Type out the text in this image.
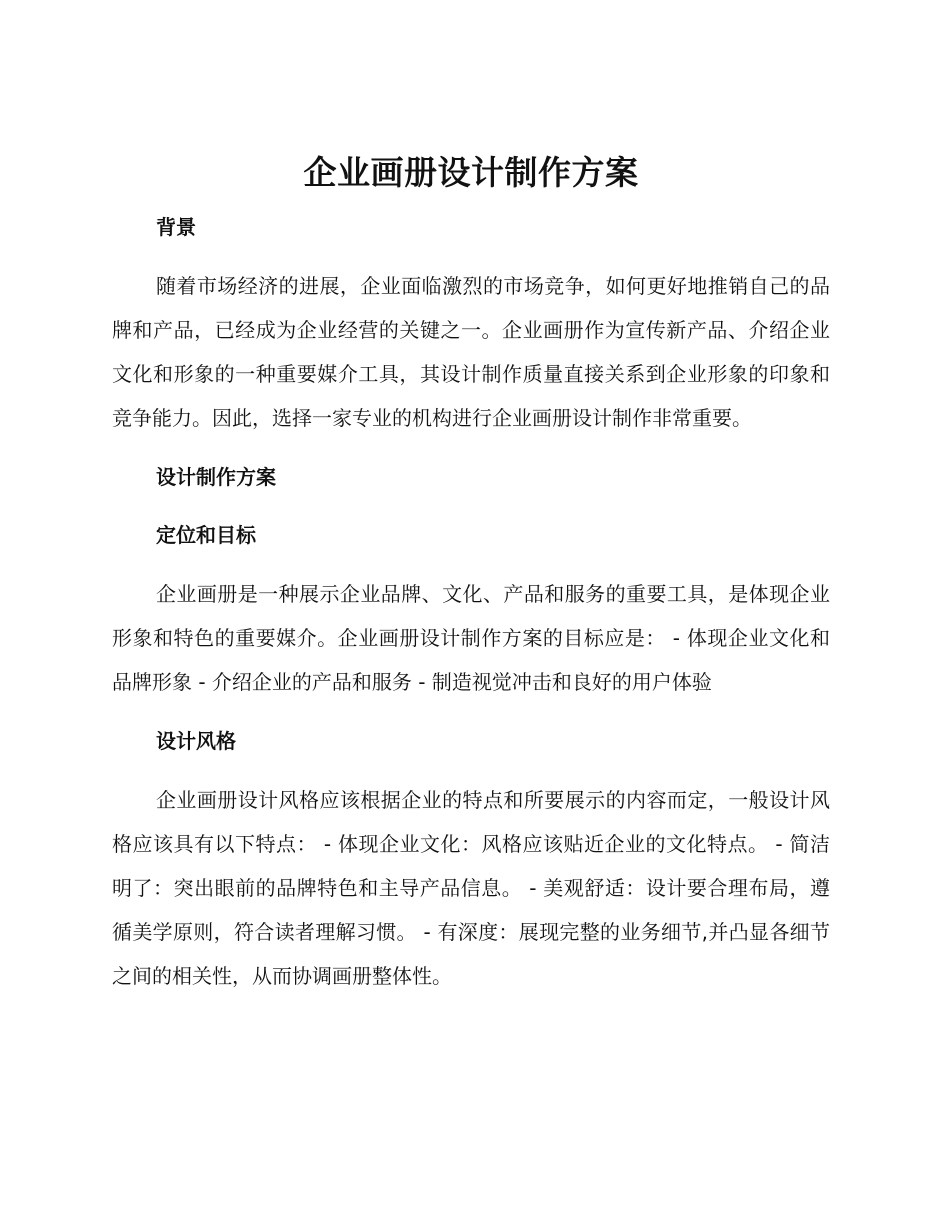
企业画册设计制作方案
背景

随着市场经济的进展，企业面临激烈的市场竞争，如何更好地推销自己的品牌和产品，已经成为企业经营的关键之一。企业画册作为宣传新产品、介绍企业文化和形象的一种重要媒介工具，其设计制作质量直接关系到企业形象的印象和竞争能力。因此，选择一家专业的机构进行企业画册设计制作非常重要。

设计制作方案
定位和目标

企业画册是一种展示企业品牌、文化、产品和服务的重要工具，是体现企业形象和特色的重要媒介。企业画册设计制作方案的目标应是： - 体现企业文化和品牌形象 - 介绍企业的产品和服务 - 制造视觉冲击和良好的用户体验

设计风格

企业画册设计风格应该根据企业的特点和所要展示的内容而定，一般设计风格应该具有以下特点： - 体现企业文化：风格应该贴近企业的文化特点。 - 简洁明了：突出眼前的品牌特色和主导产品信息。 - 美观舒适：设计要合理布局，遵循美学原则，符合读者理解习惯。 - 有深度：展现完整的业务细节,并凸显各细节之间的相关性，从而协调画册整体性。
